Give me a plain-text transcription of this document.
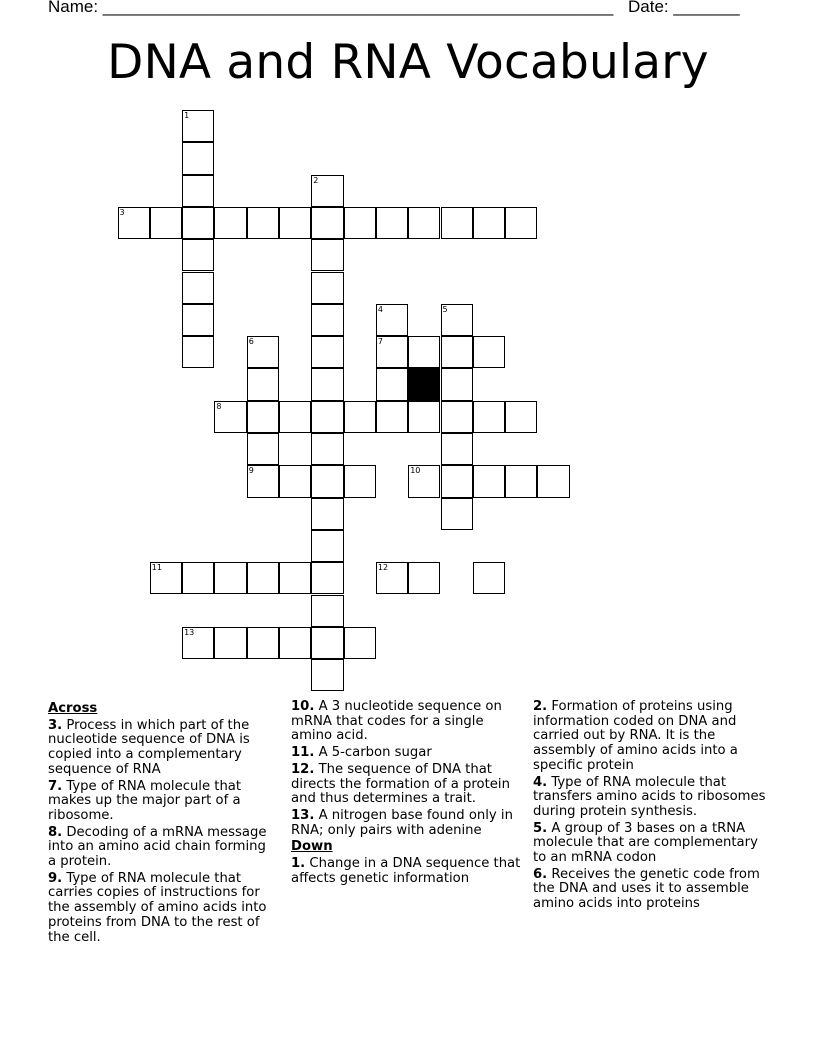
Name: ______________________________________________________ Date: _______
DNA and RNA Vocabulary
1
2
3
4
7
5
6
8
9	10
11	12
13
Across
3. Process in which part of the nucleotide sequence of DNA is copied into a complementary sequence of RNA
7. Type of RNA molecule that makes up the major part of a ribosome.
8. Decoding of a mRNA message into an amino acid chain forming a protein.
9. Type of RNA molecule that carries copies of instructions for the assembly of amino acids into proteins from DNA to the rest of the cell.
10. A 3 nucleotide sequence on mRNA that codes for a single amino acid.
11. A 5-carbon sugar
12. The sequence of DNA that directs the formation of a protein and thus determines a trait.
13. A nitrogen base found only in RNA; only pairs with adenine
Down
1. Change in a DNA sequence that affects genetic information
2. Formation of proteins using information coded on DNA and carried out by RNA. It is the assembly of amino acids into a specific protein
4. Type of RNA molecule that transfers amino acids to ribosomes during protein synthesis.
5. A group of 3 bases on a tRNA molecule that are complementary to an mRNA codon
6. Receives the genetic code from the DNA and uses it to assemble amino acids into proteins
